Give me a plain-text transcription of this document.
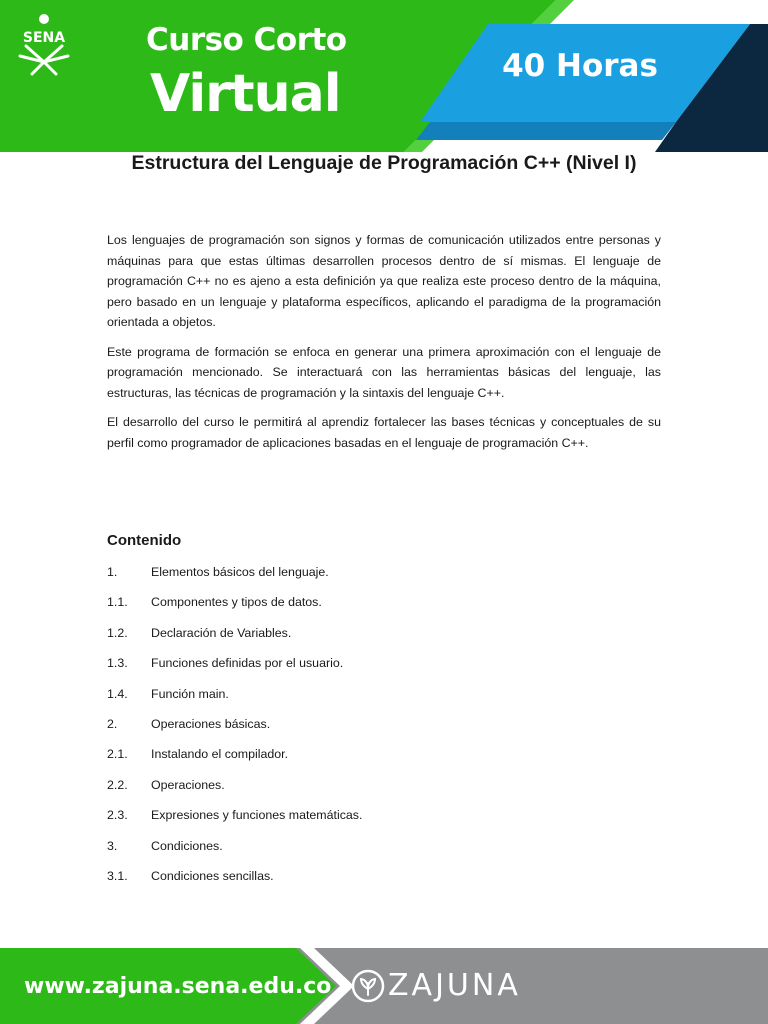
SENA	Curso Corto
Virtual	40 Horas
Estructura del Lenguaje de Programación C++ (Nivel I)

Los lenguajes de programación son signos y formas de comunicación utilizados entre personas y máquinas para que estas últimas desarrollen procesos dentro de sí mismas. El lenguaje de programación C++ no es ajeno a esta definición ya que realiza este proceso dentro de la máquina, pero basado en un lenguaje y plataforma específicos, aplicando el paradigma de la programación orientada a objetos.

Este programa de formación se enfoca en generar una primera aproximación con el lenguaje de programación mencionado. Se interactuará con las herramientas básicas del lenguaje, las estructuras, las técnicas de programación y la sintaxis del lenguaje C++.

El desarrollo del curso le permitirá al aprendiz fortalecer las bases técnicas y conceptuales de su perfil como programador de aplicaciones basadas en el lenguaje de programación C++.

Contenido
1.	Elementos básicos del lenguaje.
1.1.	Componentes y tipos de datos.
1.2.	Declaración de Variables.
1.3.	Funciones definidas por el usuario.
1.4.	Función main.
2.	Operaciones básicas.
2.1.	Instalando el compilador.
2.2.	Operaciones.
2.3.	Expresiones y funciones matemáticas.
3.	Condiciones.
3.1.	Condiciones sencillas.
www.zajuna.sena.edu.co ZAJUNA
